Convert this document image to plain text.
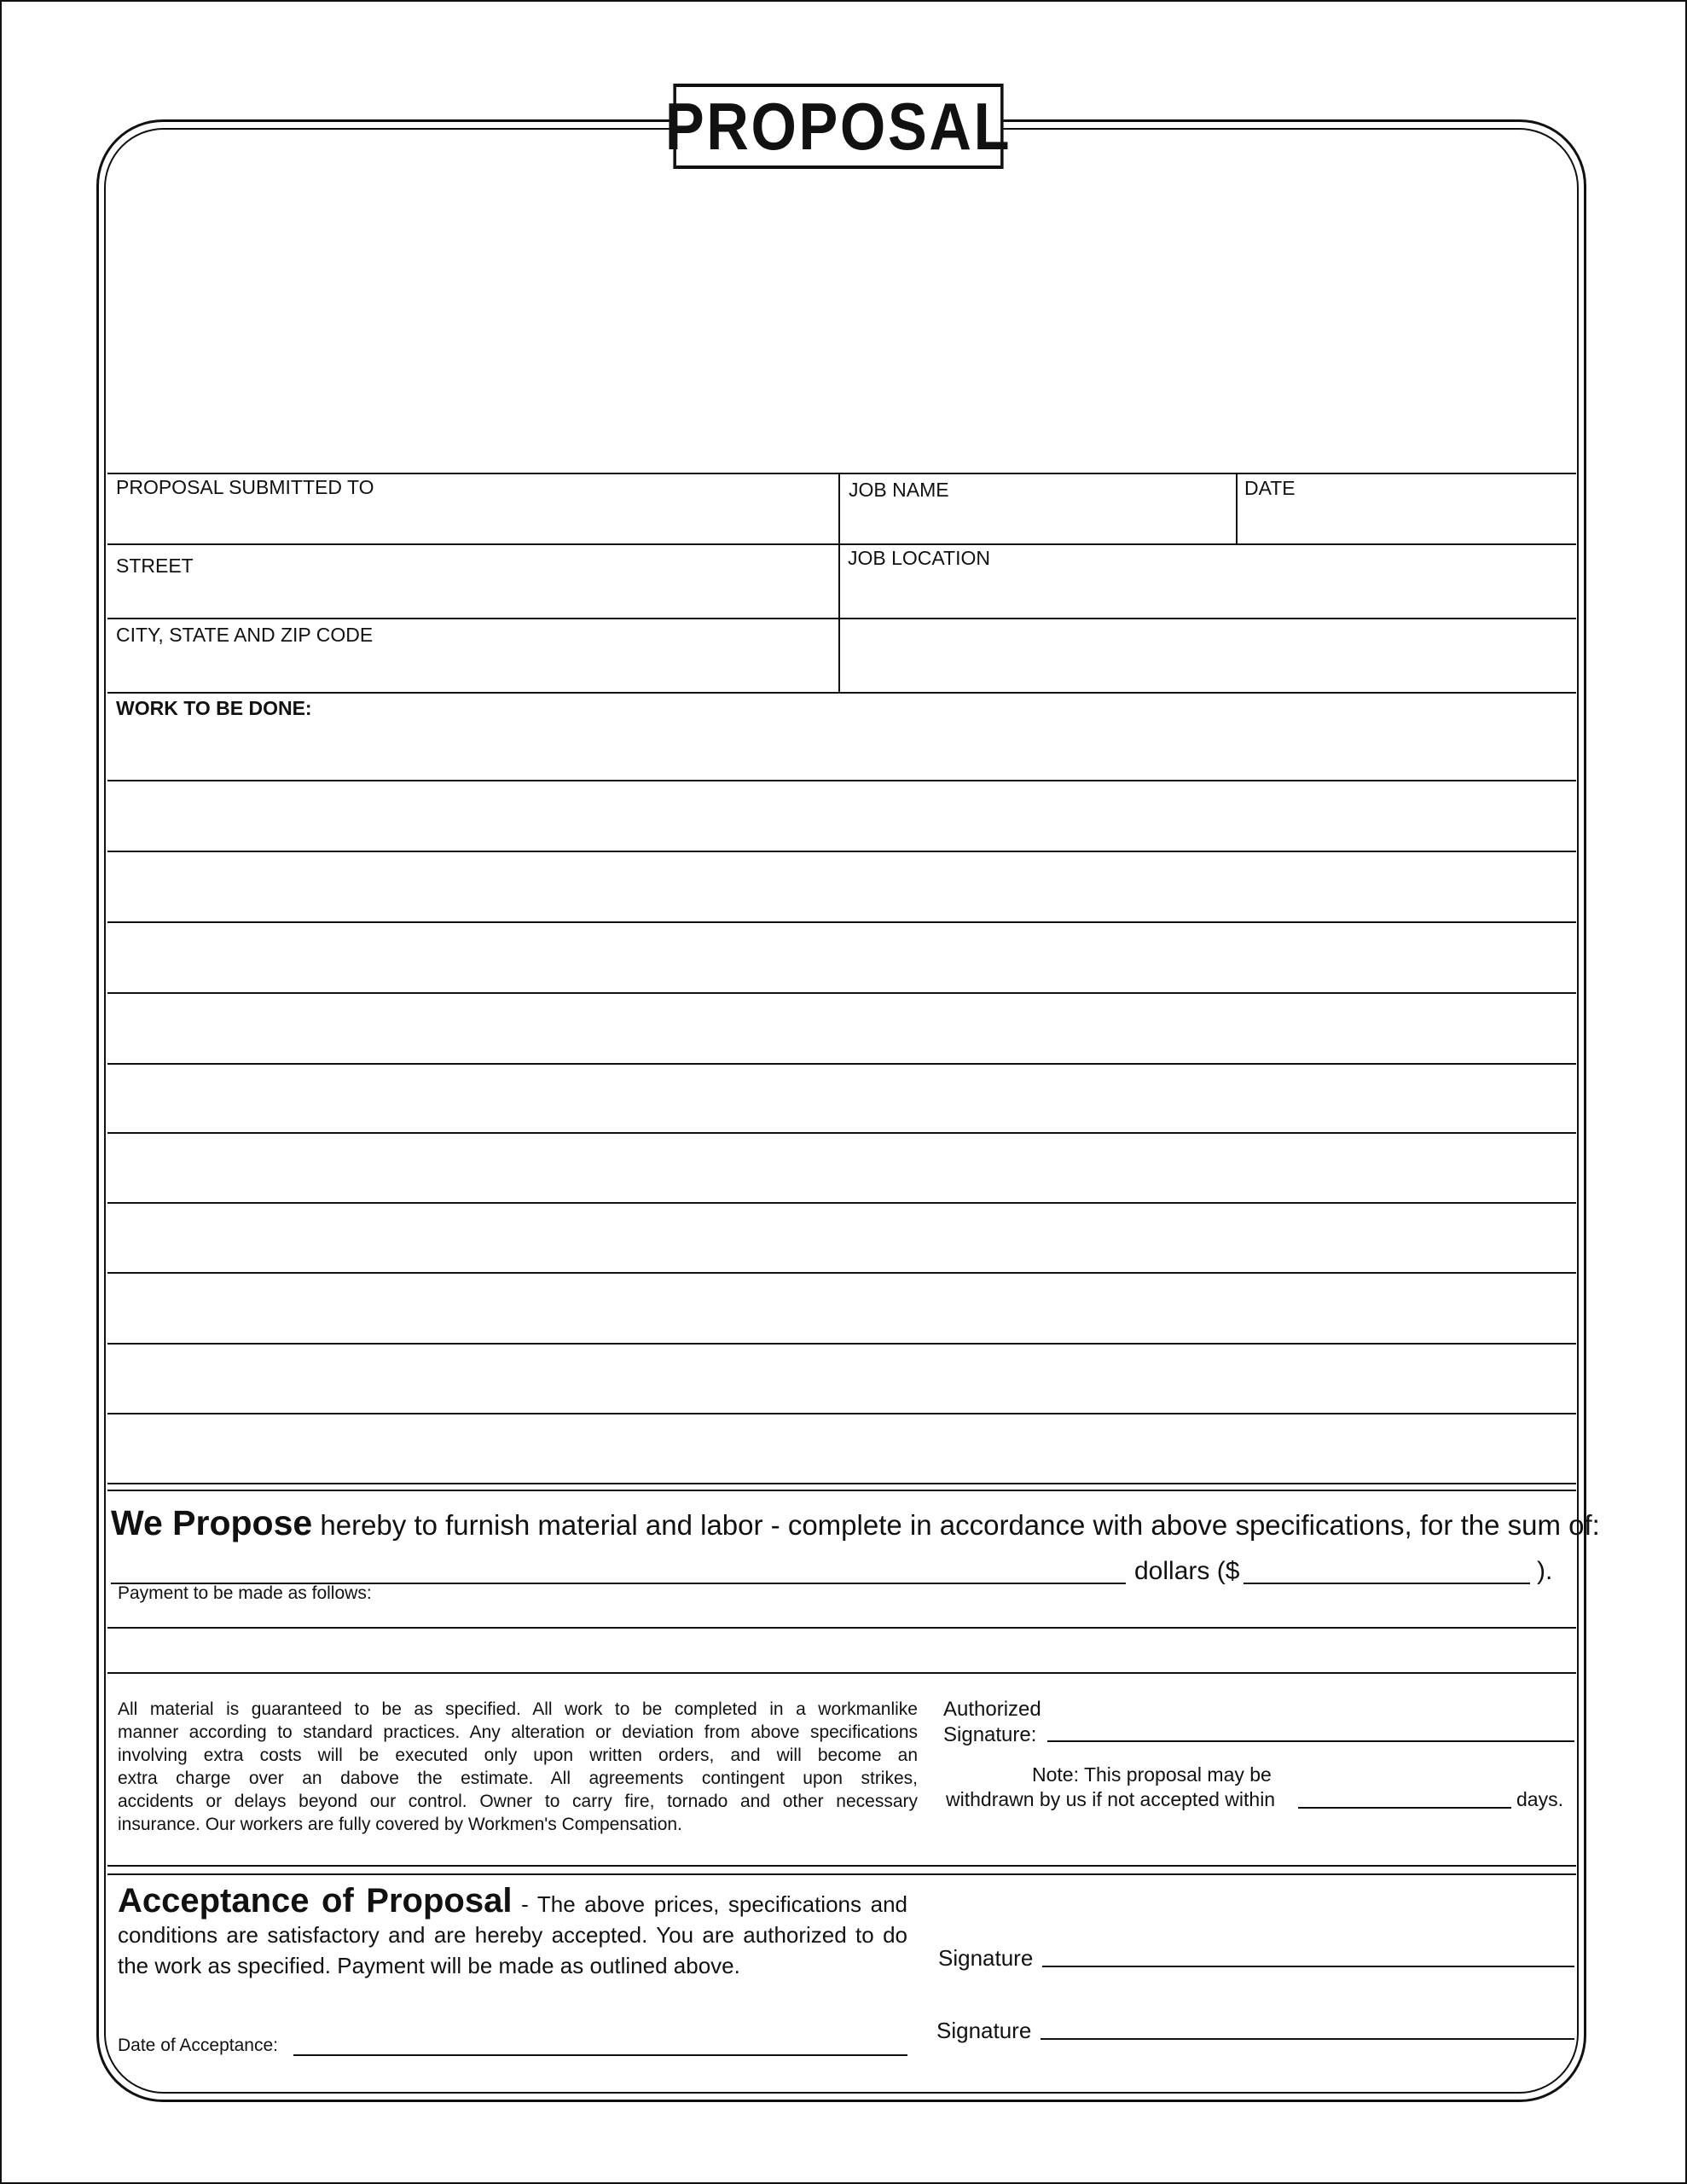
PROPOSAL
PROPOSAL SUBMITTED TO	JOB NAME	DATE
STREET	JOB LOCATION
CITY, STATE AND ZIP CODE
WORK TO BE DONE:
We Propose hereby to furnish material and labor - complete in accordance with above specifications, for the sum of:
dollars ($	).
Payment to be made as follows:
All material is guaranteed to be as specified. All work to be completed in a workmanlike
manner according to standard practices. Any alteration or deviation from above specifications
involving extra costs will be executed only upon written orders, and will become an
extra charge over an dabove the estimate. All agreements contingent upon strikes,
accidents or delays beyond our control. Owner to carry fire, tornado and other necessary
insurance. Our workers are fully covered by Workmen's Compensation.
Authorized
Signature:
Note: This proposal may be
withdrawn by us if not accepted within	days.
Acceptance of Proposal - The above prices, specifications and
conditions are satisfactory and are hereby accepted. You are authorized to do
the work as specified. Payment will be made as outlined above.
Date of Acceptance:
Signature
Signature
